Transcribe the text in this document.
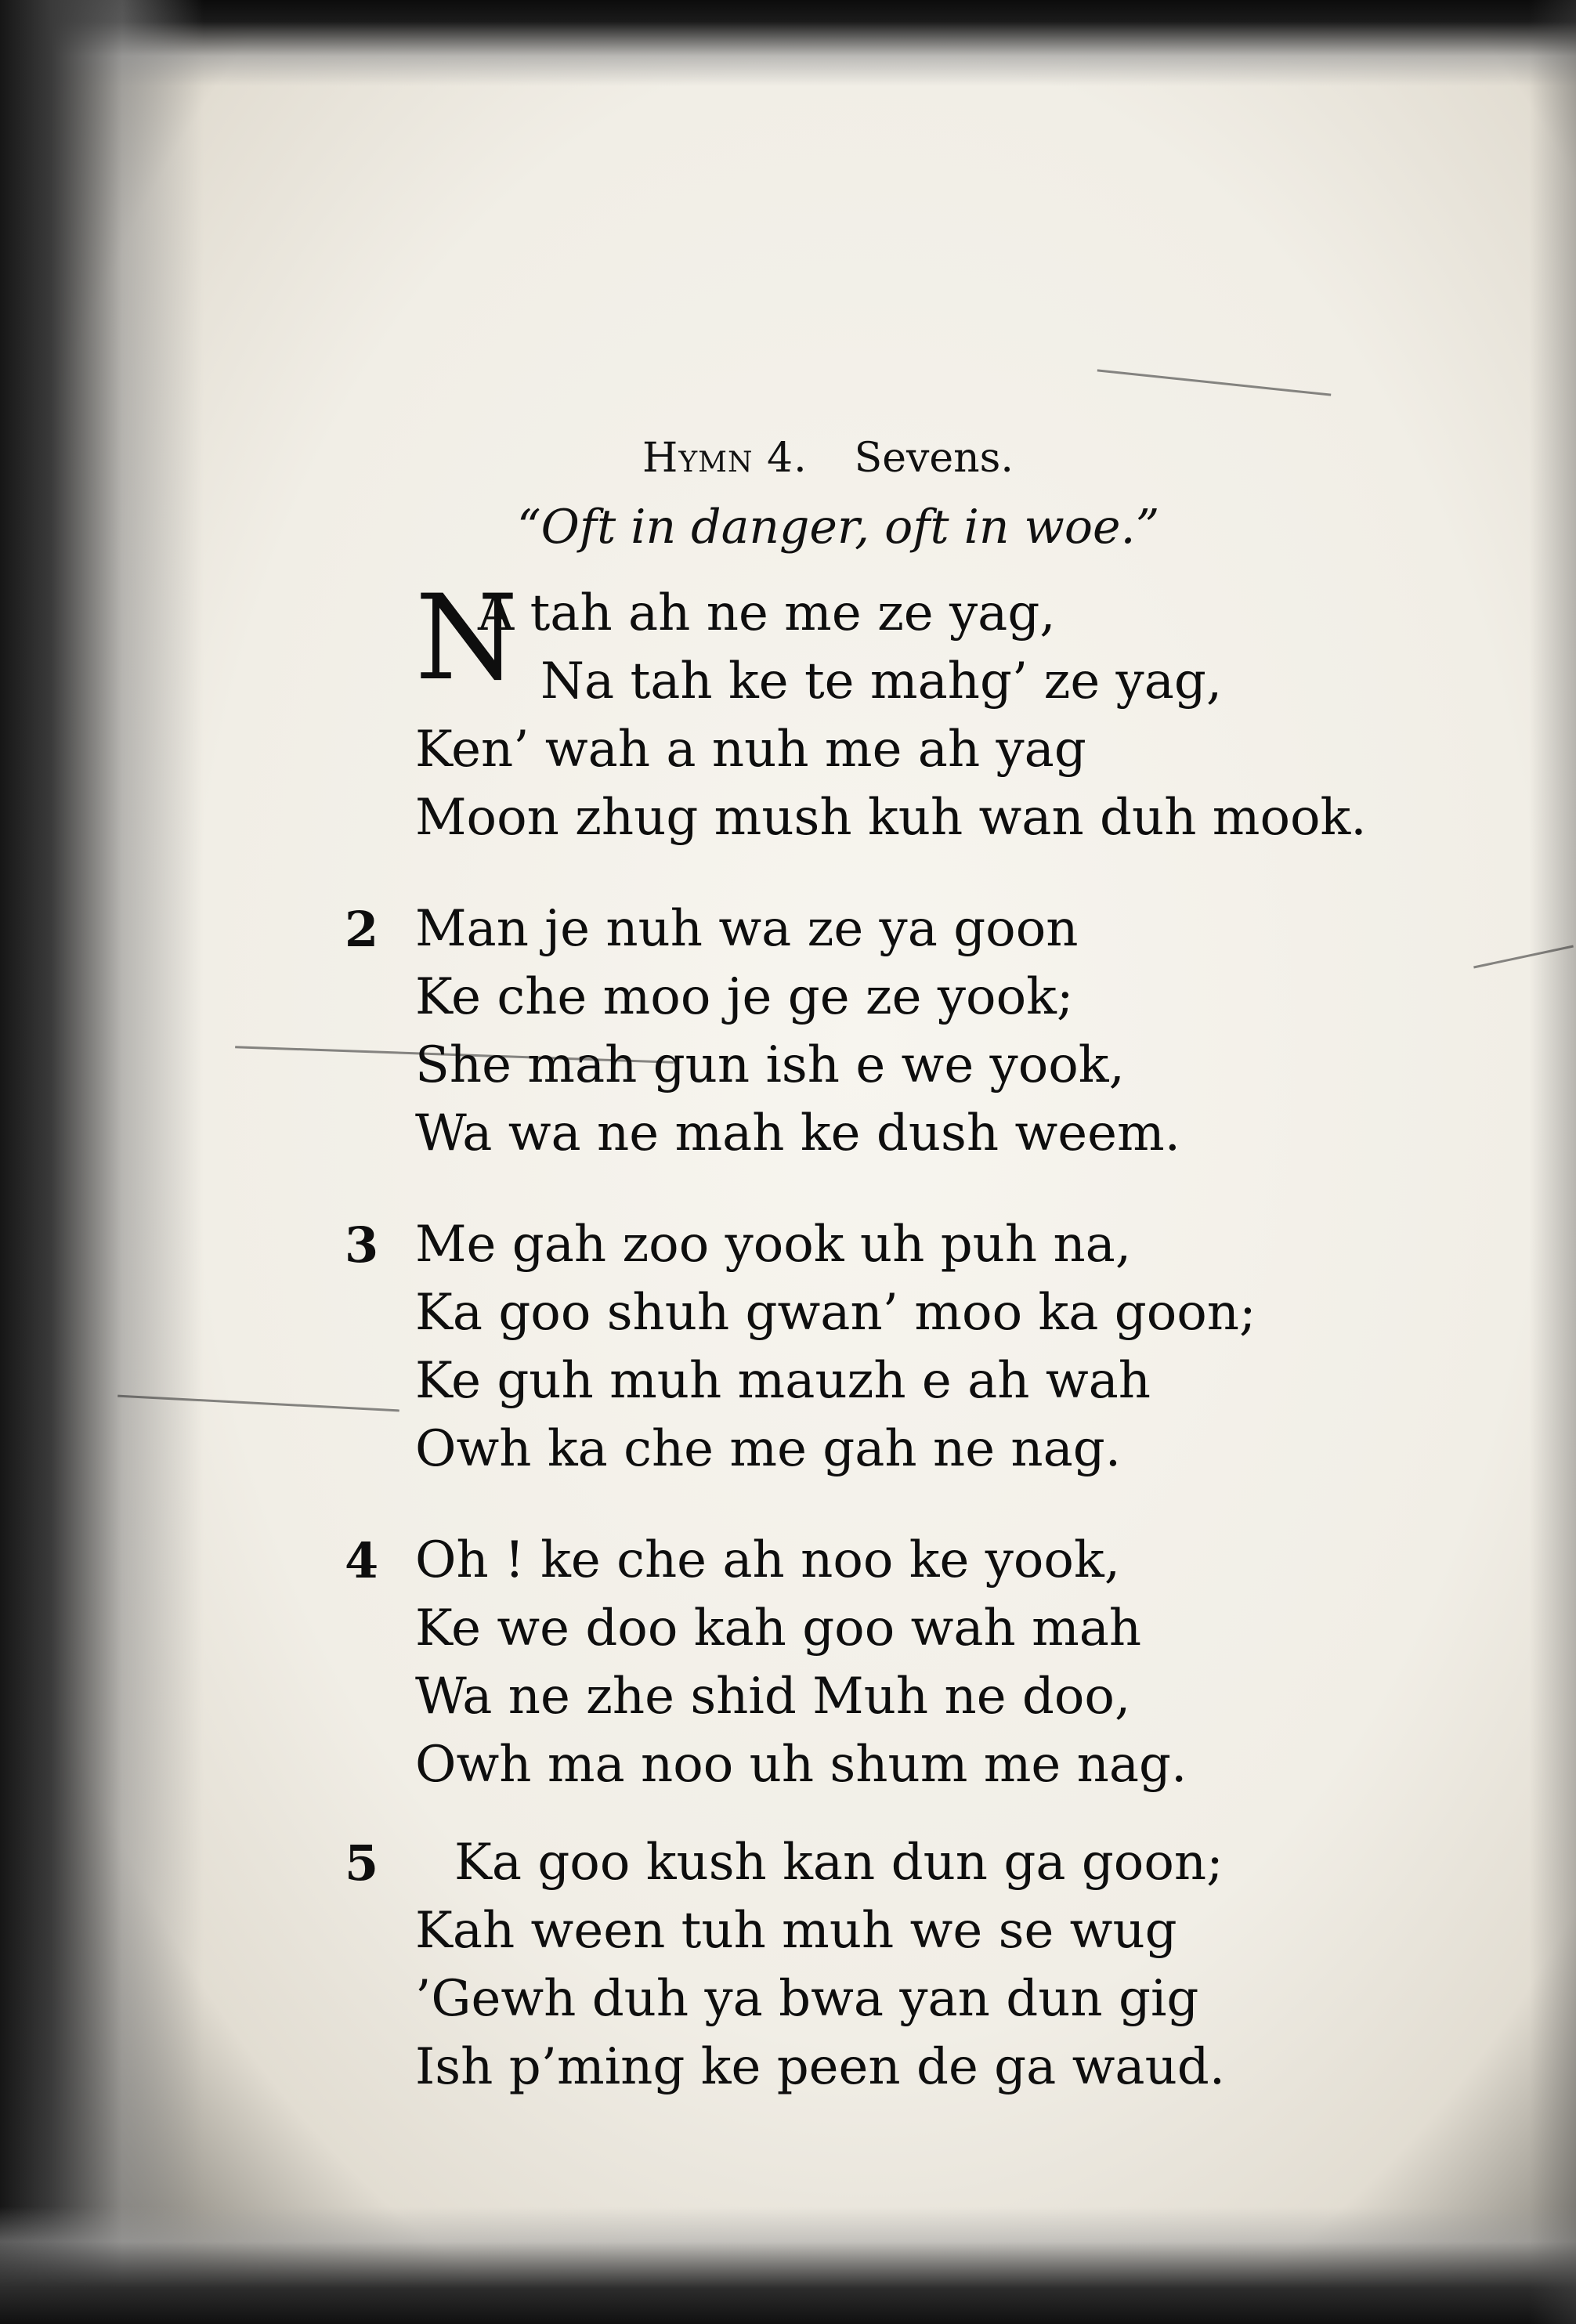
Hymn 4. Sevens.
“Oft in danger, oft in woe.”
N
A tah ah ne me ze yag,
Na tah ke te mahg’ ze yag,
Ken’ wah a nuh me ah yag
Moon zhug mush kuh wan duh mook.
2 Man je nuh wa ze ya goon
Ke che moo je ge ze yook;
She mah gun ish e we yook,
Wa wa ne mah ke dush weem.
3 Me gah zoo yook uh puh na,
Ka goo shuh gwan’ moo ka goon;
Ke guh muh mauzh e ah wah
Owh ka che me gah ne nag.
4 Oh ! ke che ah noo ke yook,
Ke we doo kah goo wah mah
Wa ne zhe shid Muh ne doo,
Owh ma noo uh shum me nag.
5	Ka goo kush kan dun ga goon;
Kah ween tuh muh we se wug
’Gewh duh ya bwa yan dun gig
Ish p’ming ke peen de ga waud.
